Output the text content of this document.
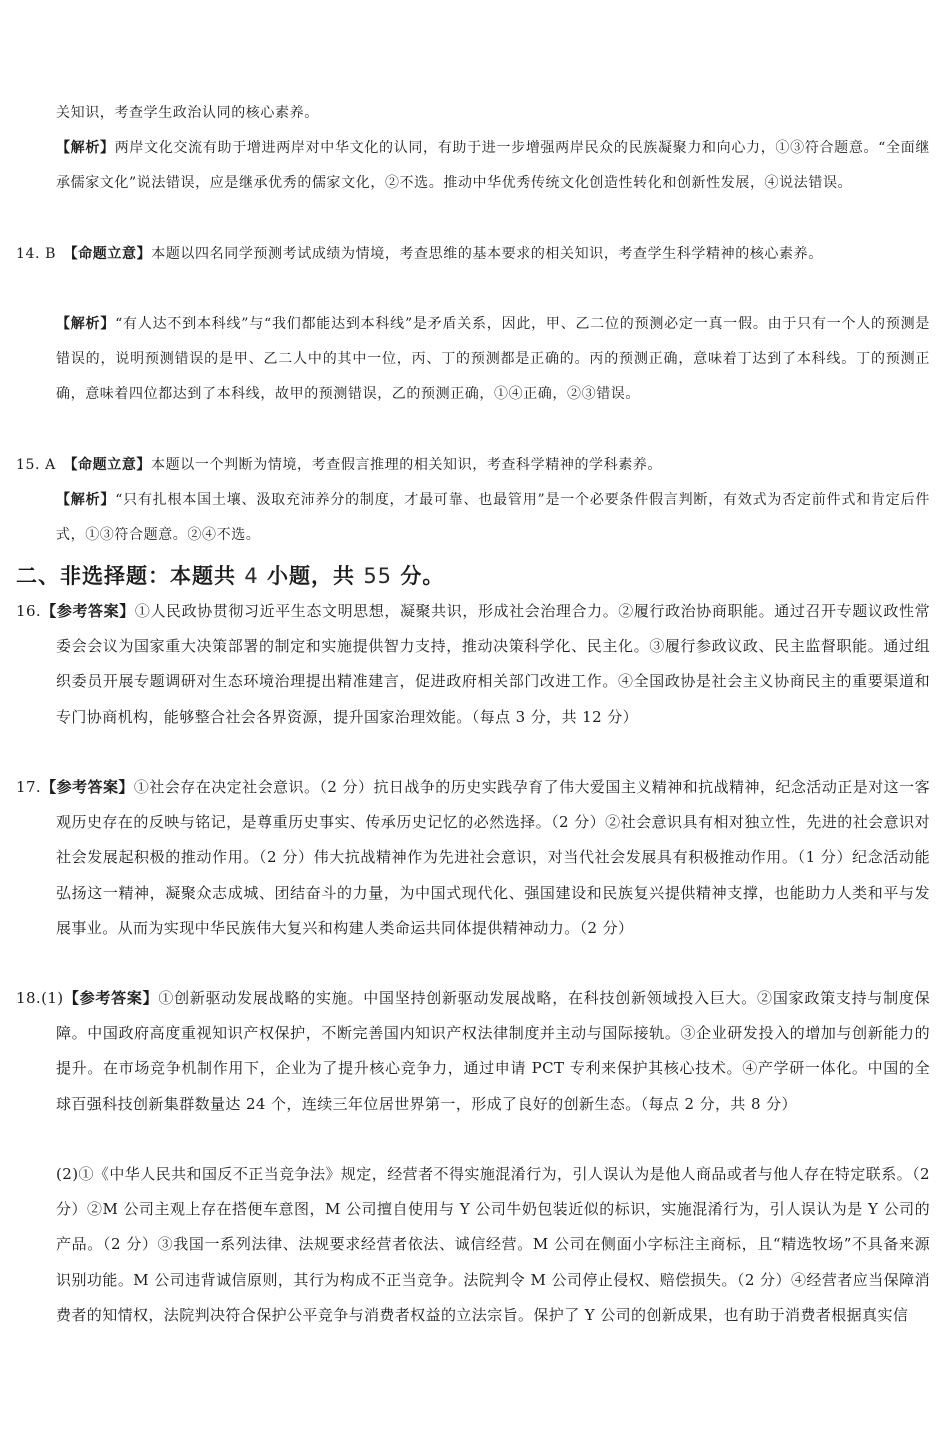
关知识，考查学生政治认同的核心素养。

【解析】两岸文化交流有助于增进两岸对中华文化的认同，有助于进一步增强两岸民众的民族凝聚力和向心力，①③符合题意。“全面继承儒家文化”说法错误，应是继承优秀的儒家文化，②不选。推动中华优秀传统文化创造性转化和创新性发展，④说法错误。

14. B　【命题立意】本题以四名同学预测考试成绩为情境，考查思维的基本要求的相关知识，考查学生科学精神的核心素养。

【解析】“有人达不到本科线”与“我们都能达到本科线”是矛盾关系，因此，甲、乙二位的预测必定一真一假。由于只有一个人的预测是错误的，说明预测错误的是甲、乙二人中的其中一位，丙、丁的预测都是正确的。丙的预测正确，意味着丁达到了本科线。丁的预测正确，意味着四位都达到了本科线，故甲的预测错误，乙的预测正确，①④正确，②③错误。

15. A　【命题立意】本题以一个判断为情境，考查假言推理的相关知识，考查科学精神的学科素养。

【解析】“只有扎根本国土壤、汲取充沛养分的制度，才最可靠、也最管用”是一个必要条件假言判断，有效式为否定前件式和肯定后件式，①③符合题意。②④不选。

二、非选择题：本题共 4 小题，共 55 分。

16.【参考答案】①人民政协贯彻习近平生态文明思想，凝聚共识，形成社会治理合力。②履行政治协商职能。通过召开专题议政性常委会会议为国家重大决策部署的制定和实施提供智力支持，推动决策科学化、民主化。③履行参政议政、民主监督职能。通过组织委员开展专题调研对生态环境治理提出精准建言，促进政府相关部门改进工作。④全国政协是社会主义协商民主的重要渠道和专门协商机构，能够整合社会各界资源，提升国家治理效能。（每点 3 分，共 12 分）

17.【参考答案】①社会存在决定社会意识。（2 分）抗日战争的历史实践孕育了伟大爱国主义精神和抗战精神，纪念活动正是对这一客观历史存在的反映与铭记，是尊重历史事实、传承历史记忆的必然选择。（2 分）②社会意识具有相对独立性，先进的社会意识对社会发展起积极的推动作用。（2 分）伟大抗战精神作为先进社会意识，对当代社会发展具有积极推动作用。（1 分）纪念活动能弘扬这一精神，凝聚众志成城、团结奋斗的力量，为中国式现代化、强国建设和民族复兴提供精神支撑，也能助力人类和平与发展事业。从而为实现中华民族伟大复兴和构建人类命运共同体提供精神动力。（2 分）

18.(1)【参考答案】①创新驱动发展战略的实施。中国坚持创新驱动发展战略，在科技创新领域投入巨大。②国家政策支持与制度保障。中国政府高度重视知识产权保护，不断完善国内知识产权法律制度并主动与国际接轨。③企业研发投入的增加与创新能力的提升。在市场竞争机制作用下，企业为了提升核心竞争力，通过申请 PCT 专利来保护其核心技术。④产学研一体化。中国的全球百强科技创新集群数量达 24 个，连续三年位居世界第一，形成了良好的创新生态。（每点 2 分，共 8 分）

(2)①《中华人民共和国反不正当竞争法》规定，经营者不得实施混淆行为，引人误认为是他人商品或者与他人存在特定联系。（2 分）②M 公司主观上存在搭便车意图，M 公司擅自使用与 Y 公司牛奶包装近似的标识，实施混淆行为，引人误认为是 Y 公司的产品。（2 分）③我国一系列法律、法规要求经营者依法、诚信经营。M 公司在侧面小字标注主商标，且“精选牧场”不具备来源识别功能。M 公司违背诚信原则，其行为构成不正当竞争。法院判令 M 公司停止侵权、赔偿损失。（2 分）④经营者应当保障消费者的知情权，法院判决符合保护公平竞争与消费者权益的立法宗旨。保护了 Y 公司的创新成果，也有助于消费者根据真实信
